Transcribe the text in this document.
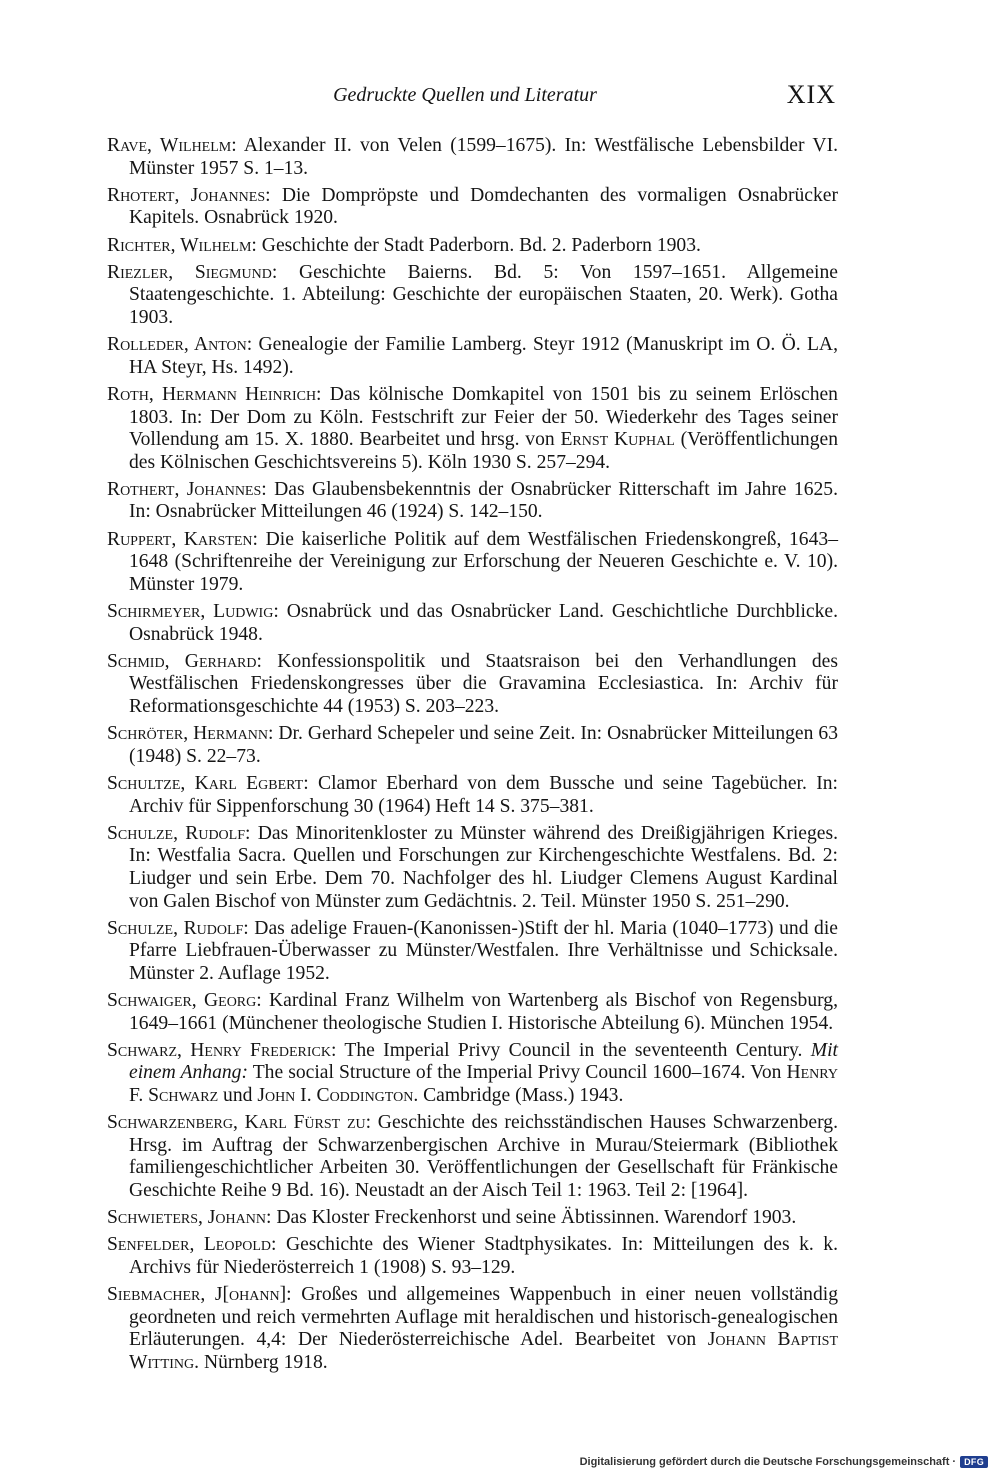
Gedruckte Quellen und Literatur	XIX

Rave, Wilhelm: Alexander II. von Velen (1599–1675). In: Westfälische Lebensbilder VI. Münster 1957 S. 1–13.

Rhotert, Johannes: Die Dompröpste und Domdechanten des vormaligen Osnabrücker Kapitels. Osnabrück 1920.

Richter, Wilhelm: Geschichte der Stadt Paderborn. Bd. 2. Paderborn 1903.

Riezler, Siegmund: Geschichte Baierns. Bd. 5: Von 1597–1651. Allgemeine Staatengeschichte. 1. Abteilung: Geschichte der europäischen Staaten, 20. Werk). Gotha 1903.

Rolleder, Anton: Genealogie der Familie Lamberg. Steyr 1912 (Manuskript im O. Ö. LA, HA Steyr, Hs. 1492).

Roth, Hermann Heinrich: Das kölnische Domkapitel von 1501 bis zu seinem Erlöschen 1803. In: Der Dom zu Köln. Festschrift zur Feier der 50. Wiederkehr des Tages seiner Vollendung am 15. X. 1880. Bearbeitet und hrsg. von Ernst Kuphal (Veröffentlichungen des Kölnischen Geschichtsvereins 5). Köln 1930 S. 257–294.

Rothert, Johannes: Das Glaubensbekenntnis der Osnabrücker Ritterschaft im Jahre 1625. In: Osnabrücker Mitteilungen 46 (1924) S. 142–150.

Ruppert, Karsten: Die kaiserliche Politik auf dem Westfälischen Friedenskongreß, 1643–1648 (Schriftenreihe der Vereinigung zur Erforschung der Neueren Geschichte e. V. 10). Münster 1979.

Schirmeyer, Ludwig: Osnabrück und das Osnabrücker Land. Geschichtliche Durchblicke. Osnabrück 1948.

Schmid, Gerhard: Konfessionspolitik und Staatsraison bei den Verhandlungen des Westfälischen Friedenskongresses über die Gravamina Ecclesiastica. In: Archiv für Reformationsgeschichte 44 (1953) S. 203–223.

Schröter, Hermann: Dr. Gerhard Schepeler und seine Zeit. In: Osnabrücker Mitteilungen 63 (1948) S. 22–73.

Schultze, Karl Egbert: Clamor Eberhard von dem Bussche und seine Tagebücher. In: Archiv für Sippenforschung 30 (1964) Heft 14 S. 375–381.

Schulze, Rudolf: Das Minoritenkloster zu Münster während des Dreißigjährigen Krieges. In: Westfalia Sacra. Quellen und Forschungen zur Kirchengeschichte Westfalens. Bd. 2: Liudger und sein Erbe. Dem 70. Nachfolger des hl. Liudger Clemens August Kardinal von Galen Bischof von Münster zum Gedächtnis. 2. Teil. Münster 1950 S. 251–290.

Schulze, Rudolf: Das adelige Frauen-(Kanonissen-)Stift der hl. Maria (1040–1773) und die Pfarre Liebfrauen-Überwasser zu Münster/Westfalen. Ihre Verhältnisse und Schicksale. Münster 2. Auflage 1952.

Schwaiger, Georg: Kardinal Franz Wilhelm von Wartenberg als Bischof von Regensburg, 1649–1661 (Münchener theologische Studien I. Historische Abteilung 6). München 1954.

Schwarz, Henry Frederick: The Imperial Privy Council in the seventeenth Century. Mit einem Anhang: The social Structure of the Imperial Privy Council 1600–1674. Von Henry F. Schwarz und John I. Coddington. Cambridge (Mass.) 1943.

Schwarzenberg, Karl Fürst zu: Geschichte des reichsständischen Hauses Schwarzenberg. Hrsg. im Auftrag der Schwarzenbergischen Archive in Murau/Steiermark (Bibliothek familiengeschichtlicher Arbeiten 30. Veröffentlichungen der Gesellschaft für Fränkische Geschichte Reihe 9 Bd. 16). Neustadt an der Aisch Teil 1: 1963. Teil 2: [1964].

Schwieters, Johann: Das Kloster Freckenhorst und seine Äbtissinnen. Warendorf 1903.

Senfelder, Leopold: Geschichte des Wiener Stadtphysikates. In: Mitteilungen des k. k. Archivs für Niederösterreich 1 (1908) S. 93–129.

Siebmacher, J[ohann]: Großes und allgemeines Wappenbuch in einer neuen vollständig geordneten und reich vermehrten Auflage mit heraldischen und historisch-genealogischen Erläuterungen. 4,4: Der Niederösterreichische Adel. Bearbeitet von Johann Baptist Witting. Nürnberg 1918.

Digitalisierung gefördert durch die Deutsche Forschungsgemeinschaft · DFG
